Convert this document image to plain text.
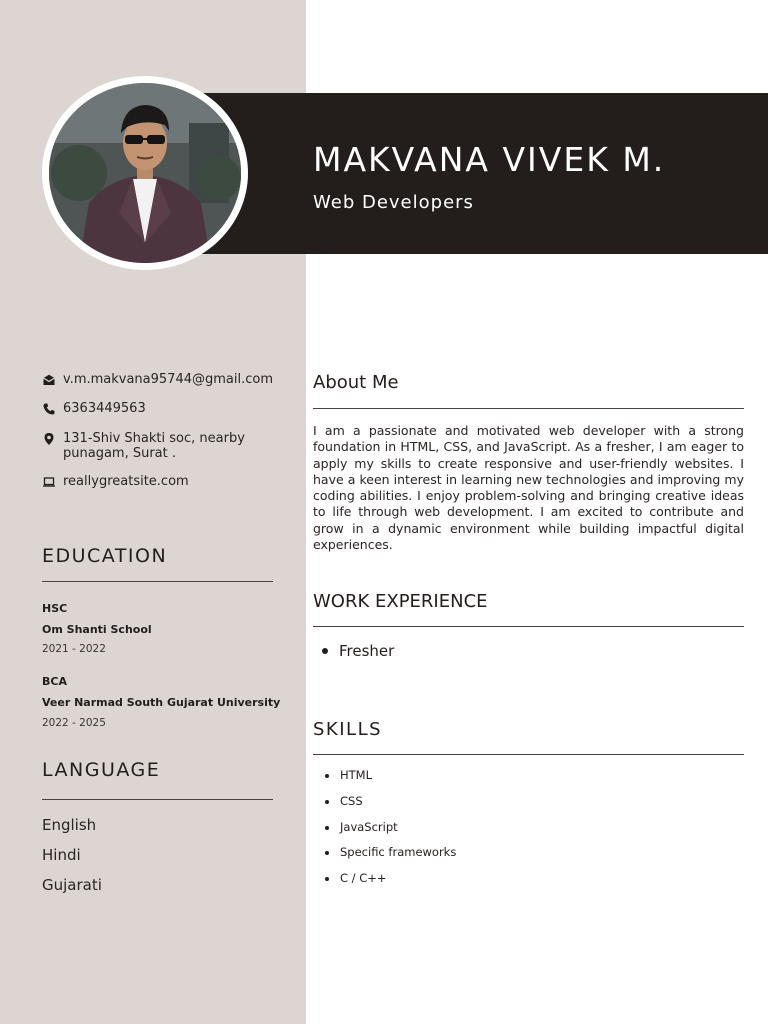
MAKVANA VIVEK M.
Web Developers
v.m.makvana95744@gmail.com
6363449563
131-Shiv Shakti soc, nearby
punagam, Surat .
reallygreatsite.com
EDUCATION
HSC
Om Shanti School
2021 - 2022
BCA
Veer Narmad South Gujarat University
2022 - 2025
LANGUAGE
English
Hindi
Gujarati
About Me
I am a passionate and motivated web developer with a strong foundation in HTML, CSS, and JavaScript. As a fresher, I am eager to apply my skills to create responsive and user-friendly websites. I have a keen interest in learning new technologies and improving my coding abilities. I enjoy problem-solving and bringing creative ideas to life through web development. I am excited to contribute and grow in a dynamic environment while building impactful digital experiences.
WORK EXPERIENCE
Fresher
SKILLS
HTML
CSS
JavaScript
Specific frameworks
C / C++
